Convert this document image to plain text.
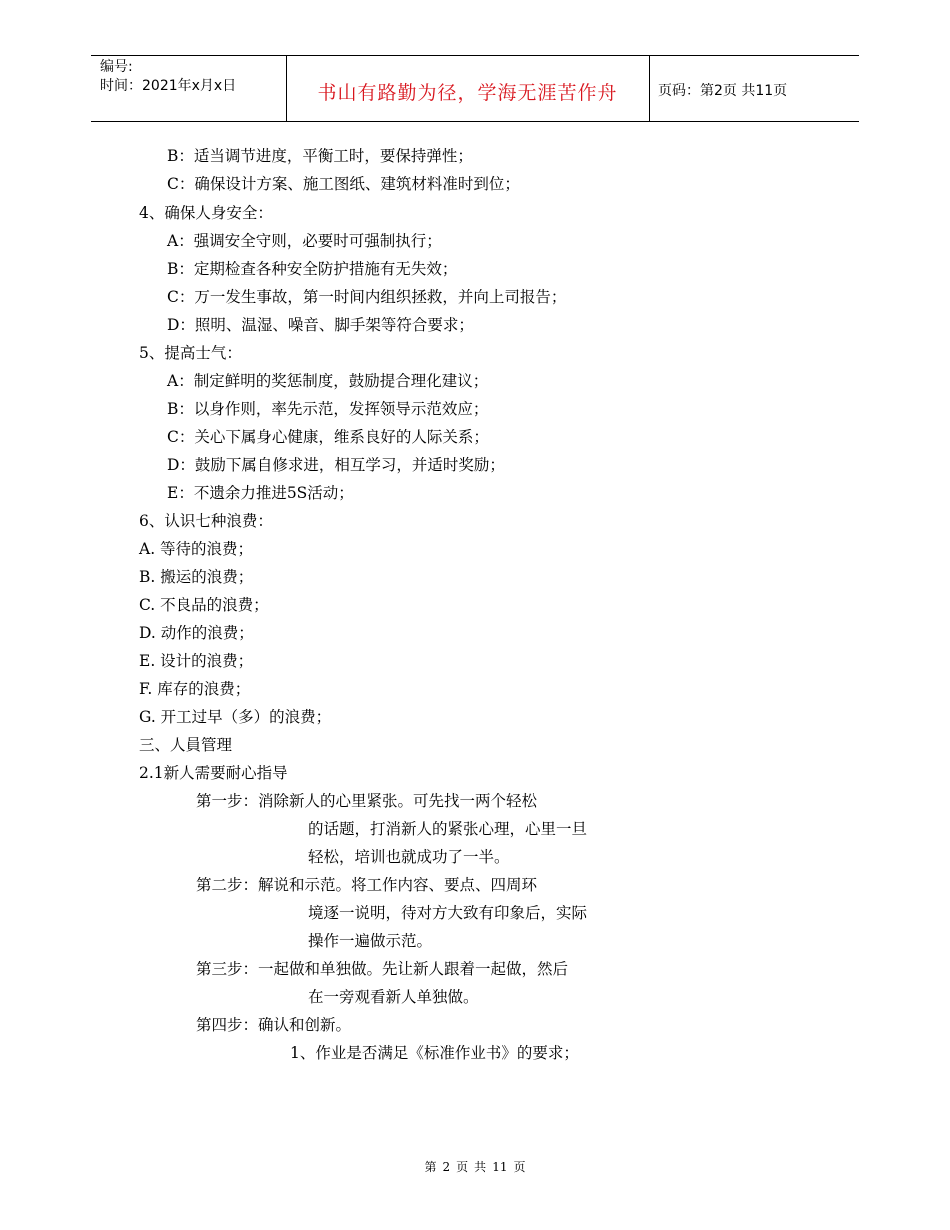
编号:
时间：2021年x月x日	书山有路勤为径，学海无涯苦作舟	页码：第2页 共11页
B：适当调节进度，平衡工时，要保持弹性；
C：确保设计方案、施工图纸、建筑材料准时到位；
4、确保人身安全：
A：强调安全守则，必要时可强制执行；
B：定期检查各种安全防护措施有无失效；
C：万一发生事故，第一时间内组织拯救，并向上司报告；
D：照明、温湿、噪音、脚手架等符合要求；
5、提高士气：
A：制定鲜明的奖惩制度，鼓励提合理化建议；
B：以身作则，率先示范，发挥领导示范效应；
C：关心下属身心健康，维系良好的人际关系；
D：鼓励下属自修求进，相互学习，并适时奖励；
E：不遗余力推进5S活动；
6、认识七种浪费：
A. 等待的浪费；
B. 搬运的浪费；
C. 不良品的浪费；
D. 动作的浪费；
E. 设计的浪费；
F. 库存的浪费；
G. 开工过早（多）的浪费；
三、人員管理
2.1新人需要耐心指导
第一步：消除新人的心里紧张。可先找一两个轻松
的话题，打消新人的紧张心理，心里一旦
轻松，培训也就成功了一半。
第二步：解说和示范。将工作内容、要点、四周环
境逐一说明，待对方大致有印象后，实际
操作一遍做示范。
第三步：一起做和单独做。先让新人跟着一起做，然后
在一旁观看新人单独做。
第四步：确认和创新。
1、作业是否满足《标准作业书》的要求；
第 2 页 共 11 页
